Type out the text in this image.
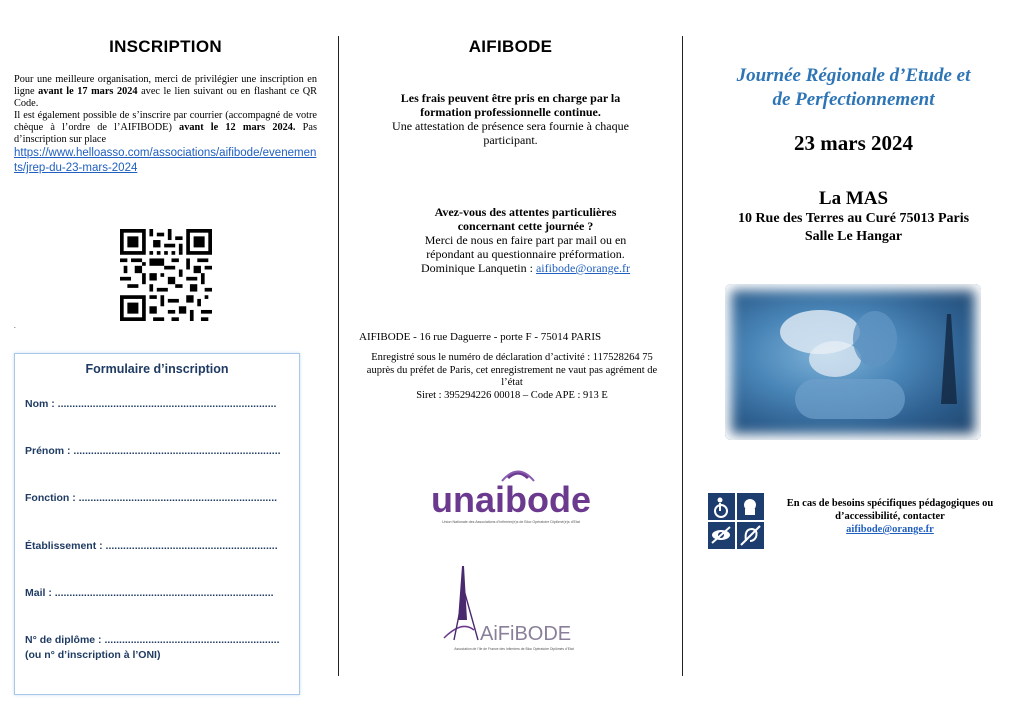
INSCRIPTION

Pour une meilleure organisation, merci de privilégier une inscription en ligne avant le 17 mars 2024 avec le lien suivant ou en flashant ce QR Code.

Il est également possible de s’inscrire par courrier (accompagné de votre chèque à l’ordre de l’AIFIBODE) avant le 12 mars 2024. Pas d’inscription sur place

https://www.helloasso.com/associations/aifibode/evenements/jrep-du-23-mars-2024
.
Formulaire d’inscription
Nom : ...........................................................................
Prénom : .......................................................................
Fonction : ....................................................................
Établissement : ...........................................................
Mail : ...........................................................................
N° de diplôme : ............................................................
(ou n° d’inscription à l’ONI)
AIFIBODE

Les frais peuvent être pris en charge par la

formation professionnelle continue.

Une attestation de présence sera fournie à chaque participant.

Avez-vous des attentes particulières

concernant cette journée ?

Merci de nous en faire part par mail ou en répondant au questionnaire préformation.

Dominique Lanquetin : aifibode@orange.fr

AIFIBODE - 16 rue Daguerre - porte F - 75014 PARIS
Enregistré sous le numéro de déclaration d’activité : 117528264 75 auprès du préfet de Paris, cet enregistrement ne vaut pas agrément de l’état
Siret : 395294226 00018 – Code APE : 913 E
unaibode
Union Nationale des Associations d’Infirmier(e)s de Bloc Opératoire Diplômé(e)s d’Etat
AiFiBODE
Association de l’Ile de France des Infirmiers de Bloc Opératoire Diplômés d’Etat
Journée Régionale d’Etude et
de Perfectionnement
23 mars 2024
La MAS
10 Rue des Terres au Curé 75013 Paris
Salle Le Hangar
En cas de besoins spécifiques pédagogiques ou d’accessibilité, contacter
aifibode@orange.fr
